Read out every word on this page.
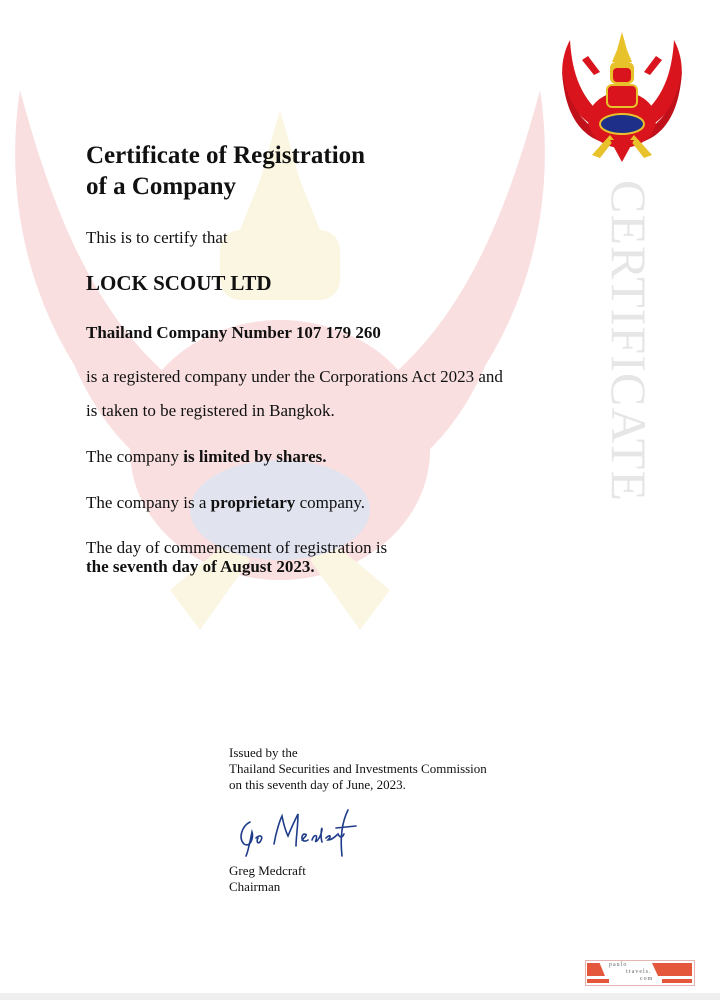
CERTIFICATE
Certificate of Registration
of a Company

This is to certify that

LOCK SCOUT LTD

Thailand Company Number 107 179 260

is a registered company under the Corporations Act 2023 and

is taken to be registered in Bangkok.

The company is limited by shares.

The company is a proprietary company.

The day of commencement of registration is

the seventh day of August 2023.

Issued by the
Thailand Securities and Investments Commission
on this seventh day of June, 2023.
Greg Medcraft
Chairman
paulo
travels.
com
